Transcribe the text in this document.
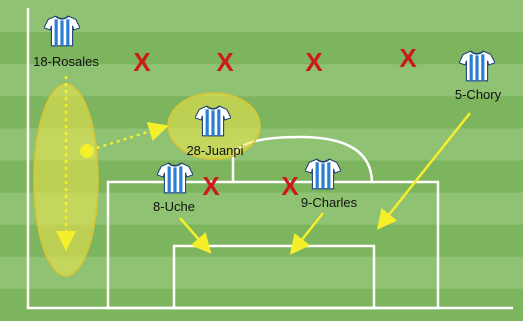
X	X	X	X
X X
18-Rosales
28-Juanpi
5-Chory
8-Uche	9-Charles
